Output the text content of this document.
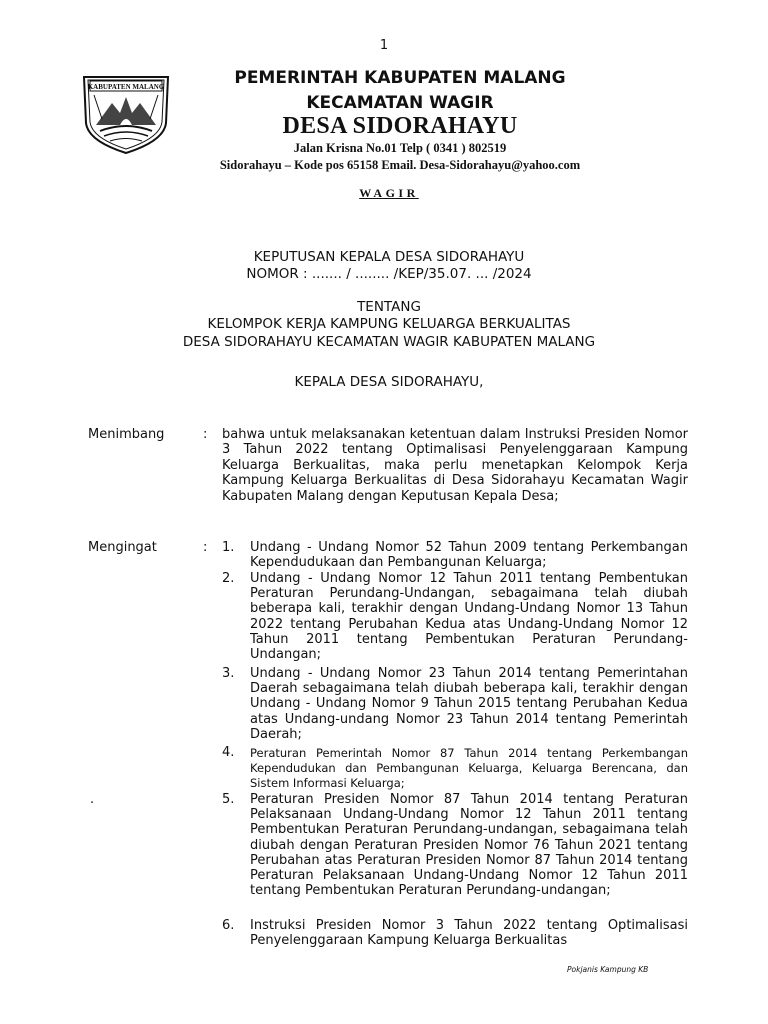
1
KABUPATEN MALANG	PEMERINTAH KABUPATEN MALANG
KECAMATAN WAGIR
DESA SIDORAHAYU
Jalan Krisna No.01 Telp ( 0341 ) 802519
Sidorahayu – Kode pos 65158 Email. Desa-Sidorahayu@yahoo.com
WAGIR
KEPUTUSAN KEPALA DESA SIDORAHAYU
NOMOR : ....... / ........ /KEP/35.07. ... /2024
TENTANG
KELOMPOK KERJA KAMPUNG KELUARGA BERKUALITAS
DESA SIDORAHAYU KECAMATAN WAGIR KABUPATEN MALANG
KEPALA DESA SIDORAHAYU,
Menimbang	: bahwa untuk melaksanakan ketentuan dalam Instruksi Presiden Nomor 3 Tahun 2022 tentang Optimalisasi Penyelenggaraan Kampung Keluarga Berkualitas, maka perlu menetapkan Kelompok Kerja Kampung Keluarga Berkualitas di Desa Sidorahayu Kecamatan Wagir Kabupaten Malang dengan Keputusan Kepala Desa;
Mengingat	:
.
1. Undang - Undang Nomor 52 Tahun 2009 tentang Perkembangan Kependudukaan dan Pembangunan Keluarga;
2. Undang - Undang Nomor 12 Tahun 2011 tentang Pembentukan Peraturan Perundang-Undangan, sebagaimana telah diubah beberapa kali, terakhir dengan Undang-Undang Nomor 13 Tahun 2022 tentang Perubahan Kedua atas Undang-Undang Nomor 12 Tahun 2011 tentang Pembentukan Peraturan Perundang-Undangan;
3. Undang - Undang Nomor 23 Tahun 2014 tentang Pemerintahan Daerah sebagaimana telah diubah beberapa kali, terakhir dengan Undang - Undang Nomor 9 Tahun 2015 tentang Perubahan Kedua atas Undang-undang Nomor 23 Tahun 2014 tentang Pemerintah Daerah;
4. Peraturan Pemerintah Nomor 87 Tahun 2014 tentang Perkembangan Kependudukan dan Pembangunan Keluarga, Keluarga Berencana, dan Sistem Informasi Keluarga;
5. Peraturan Presiden Nomor 87 Tahun 2014 tentang Peraturan Pelaksanaan Undang-Undang Nomor 12 Tahun 2011 tentang Pembentukan Peraturan Perundang-undangan, sebagaimana telah diubah dengan Peraturan Presiden Nomor 76 Tahun 2021 tentang Perubahan atas Peraturan Presiden Nomor 87 Tahun 2014 tentang Peraturan Pelaksanaan Undang-Undang Nomor 12 Tahun 2011 tentang Pembentukan Peraturan Perundang-undangan;
6. Instruksi Presiden Nomor 3 Tahun 2022 tentang Optimalisasi Penyelenggaraan Kampung Keluarga Berkualitas
Pokjanis Kampung KB
